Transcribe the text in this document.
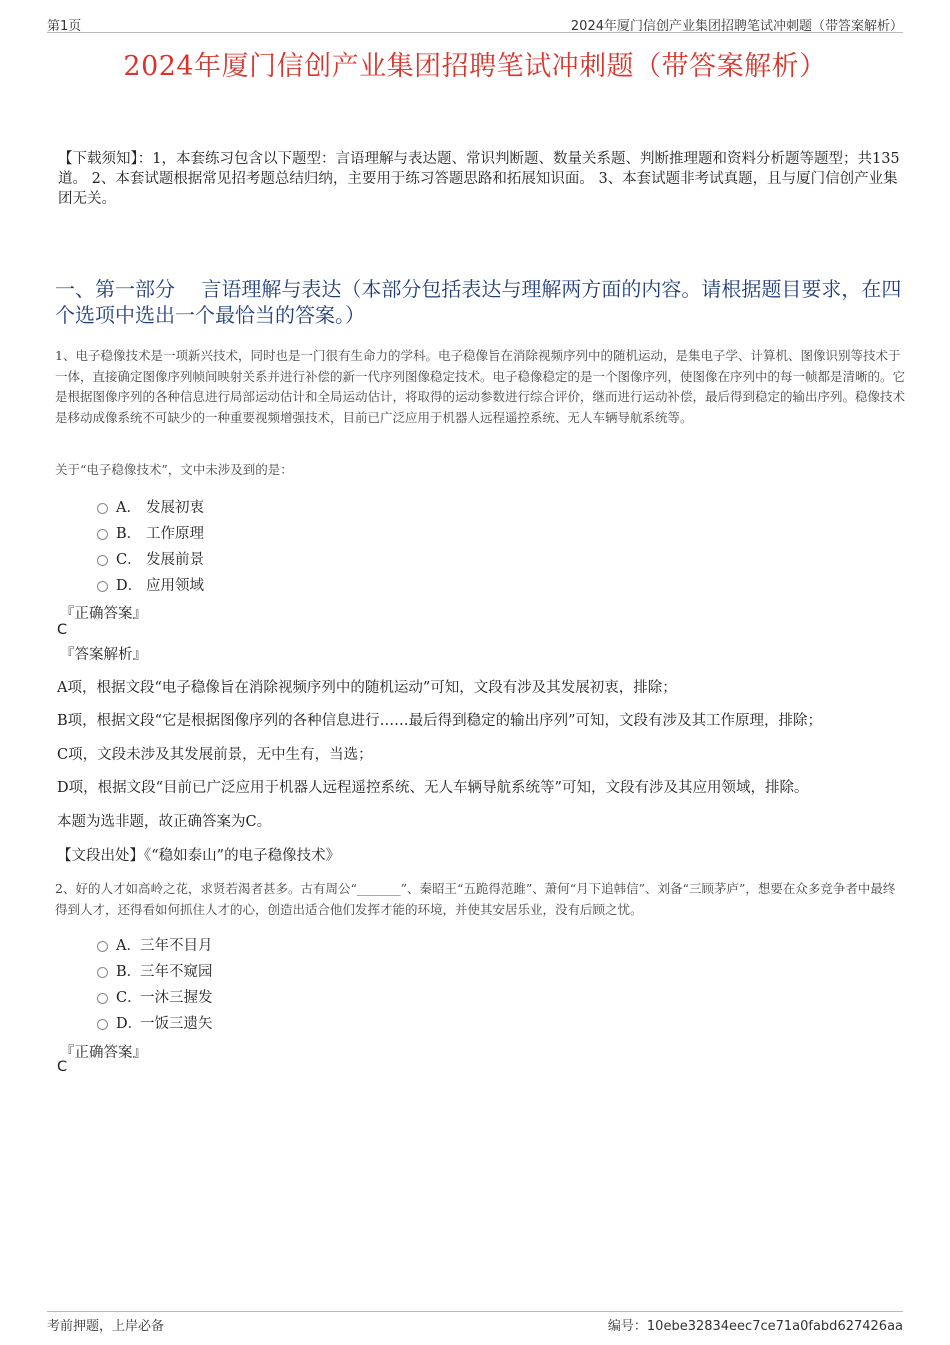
第1页	2024年厦门信创产业集团招聘笔试冲刺题（带答案解析）
2024年厦门信创产业集团招聘笔试冲刺题（带答案解析）
【下载须知】：1，本套练习包含以下题型：言语理解与表达题、常识判断题、数量关系题、判断推理题和资料分析题等题型；共135道。 2、本套试题根据常见招考题总结归纳，主要用于练习答题思路和拓展知识面。 3、本套试题非考试真题，且与厦门信创产业集团无关。
一、第一部分　 言语理解与表达（本部分包括表达与理解两方面的内容。请根据题目要求，在四个选项中选出一个最恰当的答案。）
1、电子稳像技术是一项新兴技术，同时也是一门很有生命力的学科。电子稳像旨在消除视频序列中的随机运动，是集电子学、计算机、图像识别等技术于一体，直接确定图像序列帧间映射关系并进行补偿的新一代序列图像稳定技术。电子稳像稳定的是一个图像序列，使图像在序列中的每一帧都是清晰的。它是根据图像序列的各种信息进行局部运动估计和全局运动估计，将取得的运动参数进行综合评价，继而进行运动补偿，最后得到稳定的输出序列。稳像技术是移动成像系统不可缺少的一种重要视频增强技术，目前已广泛应用于机器人远程遥控系统、无人车辆导航系统等。
关于“电子稳像技术”，文中未涉及到的是：
A． 发展初衷
B． 工作原理
C． 发展前景
D． 应用领域
『正确答案』
C
『答案解析』
A项，根据文段“电子稳像旨在消除视频序列中的随机运动”可知，文段有涉及其发展初衷，排除；
B项，根据文段“它是根据图像序列的各种信息进行……最后得到稳定的输出序列”可知，文段有涉及其工作原理，排除；
C项，文段未涉及其发展前景，无中生有，当选；
D项，根据文段“目前已广泛应用于机器人远程遥控系统、无人车辆导航系统等”可知，文段有涉及其应用领域，排除。
本题为选非题，故正确答案为C。
【文段出处】《“稳如泰山”的电子稳像技术》
2、好的人才如高岭之花，求贤若渴者甚多。古有周公“_______”、秦昭王“五跪得范雎”、萧何“月下追韩信”、刘备“三顾茅庐”，想要在众多竞争者中最终得到人才，还得看如何抓住人才的心，创造出适合他们发挥才能的环境，并使其安居乐业，没有后顾之忧。
A． 三年不目月
B．
三年不窥园
C．
一沐三握发
D．
一饭三遗矢
『正确答案』
C
考前押题，上岸必备	编号：10ebe32834eec7ce71a0fabd627426aa
